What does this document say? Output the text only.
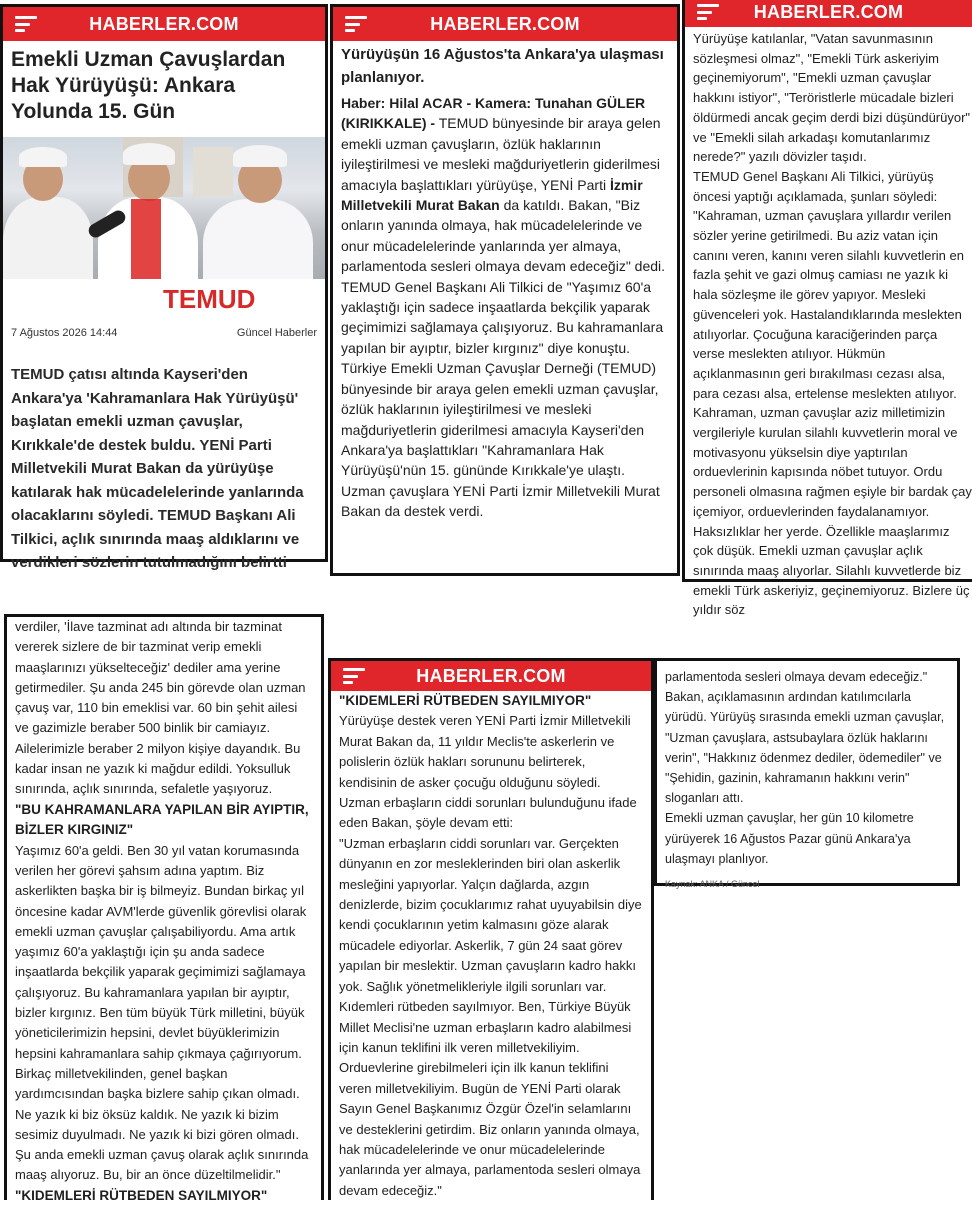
HABERLER.COM
Emekli Uzman Çavuşlardan Hak Yürüyüşü: Ankara Yolunda 15. Gün
TEMUD
7 Ağustos 2026 14:44	Güncel Haberler

TEMUD çatısı altında Kayseri'den Ankara'ya 'Kahramanlara Hak Yürüyüşü' başlatan emekli uzman çavuşlar, Kırıkkale'de destek buldu. YENİ Parti Milletvekili Murat Bakan da yürüyüşe katılarak hak mücadelelerinde yanlarında olacaklarını söyledi. TEMUD Başkanı Ali Tilkici, açlık sınırında maaş aldıklarını ve verdikleri sözlerin tutulmadığını belirtti

HABERLER.COM

Yürüyüşün 16 Ağustos'ta Ankara'ya ulaşması planlanıyor.

Haber: Hilal ACAR - Kamera: Tunahan GÜLER (KIRIKKALE) - TEMUD bünyesinde bir araya gelen emekli uzman çavuşların, özlük haklarının iyileştirilmesi ve mesleki mağduriyetlerin giderilmesi amacıyla başlattıkları yürüyüşe, YENİ Parti İzmir Milletvekili Murat Bakan da katıldı. Bakan, "Biz onların yanında olmaya, hak mücadelelerinde ve onur mücadelelerinde yanlarında yer almaya, parlamentoda sesleri olmaya devam edeceğiz" dedi. TEMUD Genel Başkanı Ali Tilkici de "Yaşımız 60'a yaklaştığı için sadece inşaatlarda bekçilik yaparak geçimimizi sağlamaya çalışıyoruz. Bu kahramanlara yapılan bir ayıptır, bizler kırgınız" diye konuştu.

Türkiye Emekli Uzman Çavuşlar Derneği (TEMUD) bünyesinde bir araya gelen emekli uzman çavuşlar, özlük haklarının iyileştirilmesi ve mesleki mağduriyetlerin giderilmesi amacıyla Kayseri'den Ankara'ya başlattıkları "Kahramanlara Hak Yürüyüşü'nün 15. gününde Kırıkkale'ye ulaştı. Uzman çavuşlara YENİ Parti İzmir Milletvekili Murat Bakan da destek verdi.

HABERLER.COM

Yürüyüşe katılanlar, "Vatan savunmasının sözleşmesi olmaz", "Emekli Türk askeriyim geçinemiyorum", "Emekli uzman çavuşlar hakkını istiyor", "Teröristlerle mücadale bizleri öldürmedi ancak geçim derdi bizi düşündürüyor" ve "Emekli silah arkadaşı komutanlarımız nerede?" yazılı dövizler taşıdı.

TEMUD Genel Başkanı Ali Tilkici, yürüyüş öncesi yaptığı açıklamada, şunları söyledi:

"Kahraman, uzman çavuşlara yıllardır verilen sözler yerine getirilmedi. Bu aziz vatan için canını veren, kanını veren silahlı kuvvetlerin en fazla şehit ve gazi olmuş camiası ne yazık ki hala sözleşme ile görev yapıyor. Mesleki güvenceleri yok. Hastalandıklarında meslekten atılıyorlar. Çocuğuna karaciğerinden parça verse meslekten atılıyor. Hükmün açıklanmasının geri bırakılması cezası alsa, para cezası alsa, ertelense meslekten atılıyor. Kahraman, uzman çavuşlar aziz milletimizin vergileriyle kurulan silahlı kuvvetlerin moral ve motivasyonu yükselsin diye yaptırılan orduevlerinin kapısında nöbet tutuyor. Ordu personeli olmasına rağmen eşiyle bir bardak çay içemiyor, orduevlerinden faydalanamıyor. Haksızlıklar her yerde. Özellikle maaşlarımız çok düşük. Emekli uzman çavuşlar açlık sınırında maaş alıyorlar. Silahlı kuvvetlerde biz emekli Türk askeriyiz, geçinemiyoruz. Bizlere üç yıldır söz

verdiler, 'İlave tazminat adı altında bir tazminat vererek sizlere de bir tazminat verip emekli maaşlarınızı yükselteceğiz' dediler ama yerine getirmediler. Şu anda 245 bin görevde olan uzman çavuş var, 110 bin emeklisi var. 60 bin şehit ailesi ve gazimizle beraber 500 binlik bir camiayız. Ailelerimizle beraber 2 milyon kişiye dayandık. Bu kadar insan ne yazık ki mağdur edildi. Yoksulluk sınırında, açlık sınırında, sefaletle yaşıyoruz.

"BU KAHRAMANLARA YAPILAN BİR AYIPTIR, BİZLER KIRGINIZ"

Yaşımız 60'a geldi. Ben 30 yıl vatan korumasında verilen her görevi şahsım adına yaptım. Biz askerlikten başka bir iş bilmeyiz. Bundan birkaç yıl öncesine kadar AVM'lerde güvenlik görevlisi olarak emekli uzman çavuşlar çalışabiliyordu. Ama artık yaşımız 60'a yaklaştığı için şu anda sadece inşaatlarda bekçilik yaparak geçimimizi sağlamaya çalışıyoruz. Bu kahramanlara yapılan bir ayıptır, bizler kırgınız. Ben tüm büyük Türk milletini, büyük yöneticilerimizin hepsini, devlet büyüklerimizin hepsini kahramanlara sahip çıkmaya çağırıyorum. Birkaç milletvekilinden, genel başkan yardımcısından başka bizlere sahip çıkan olmadı. Ne yazık ki biz öksüz kaldık. Ne yazık ki bizim sesimiz duyulmadı. Ne yazık ki bizi gören olmadı. Şu anda emekli uzman çavuş olarak açlık sınırında maaş alıyoruz. Bu, bir an önce düzeltilmelidir."

"KIDEMLERİ RÜTBEDEN SAYILMIYOR"

HABERLER.COM

"KIDEMLERİ RÜTBEDEN SAYILMIYOR"

Yürüyüşe destek veren YENİ Parti İzmir Milletvekili Murat Bakan da, 11 yıldır Meclis'te askerlerin ve polislerin özlük hakları sorununu belirterek, kendisinin de asker çocuğu olduğunu söyledi.

Uzman erbaşların ciddi sorunları bulunduğunu ifade eden Bakan, şöyle devam etti:

"Uzman erbaşların ciddi sorunları var. Gerçekten dünyanın en zor mesleklerinden biri olan askerlik mesleğini yapıyorlar. Yalçın dağlarda, azgın denizlerde, bizim çocuklarımız rahat uyuyabilsin diye kendi çocuklarının yetim kalmasını göze alarak mücadele ediyorlar. Askerlik, 7 gün 24 saat görev yapılan bir meslektir. Uzman çavuşların kadro hakkı yok. Sağlık yönetmelikleriyle ilgili sorunları var. Kıdemleri rütbeden sayılmıyor. Ben, Türkiye Büyük Millet Meclisi'ne uzman erbaşların kadro alabilmesi için kanun teklifini ilk veren milletvekiliyim. Orduevlerine girebilmeleri için ilk kanun teklifini veren milletvekiliyim. Bugün de YENİ Parti olarak Sayın Genel Başkanımız Özgür Özel'in selamlarını ve desteklerini getirdim. Biz onların yanında olmaya, hak mücadelelerinde ve onur mücadelelerinde yanlarında yer almaya, parlamentoda sesleri olmaya devam edeceğiz."

parlamentoda sesleri olmaya devam edeceğiz."

Bakan, açıklamasının ardından katılımcılarla yürüdü. Yürüyüş sırasında emekli uzman çavuşlar, "Uzman çavuşlara, astsubaylara özlük haklarını verin", "Hakkınız ödenmez dediler, ödemediler" ve "Şehidin, gazinin, kahramanın hakkını verin" sloganları attı.

Emekli uzman çavuşlar, her gün 10 kilometre yürüyerek 16 Ağustos Pazar günü Ankara'ya ulaşmayı planlıyor.

Kaynak: ANKA / Güncel
